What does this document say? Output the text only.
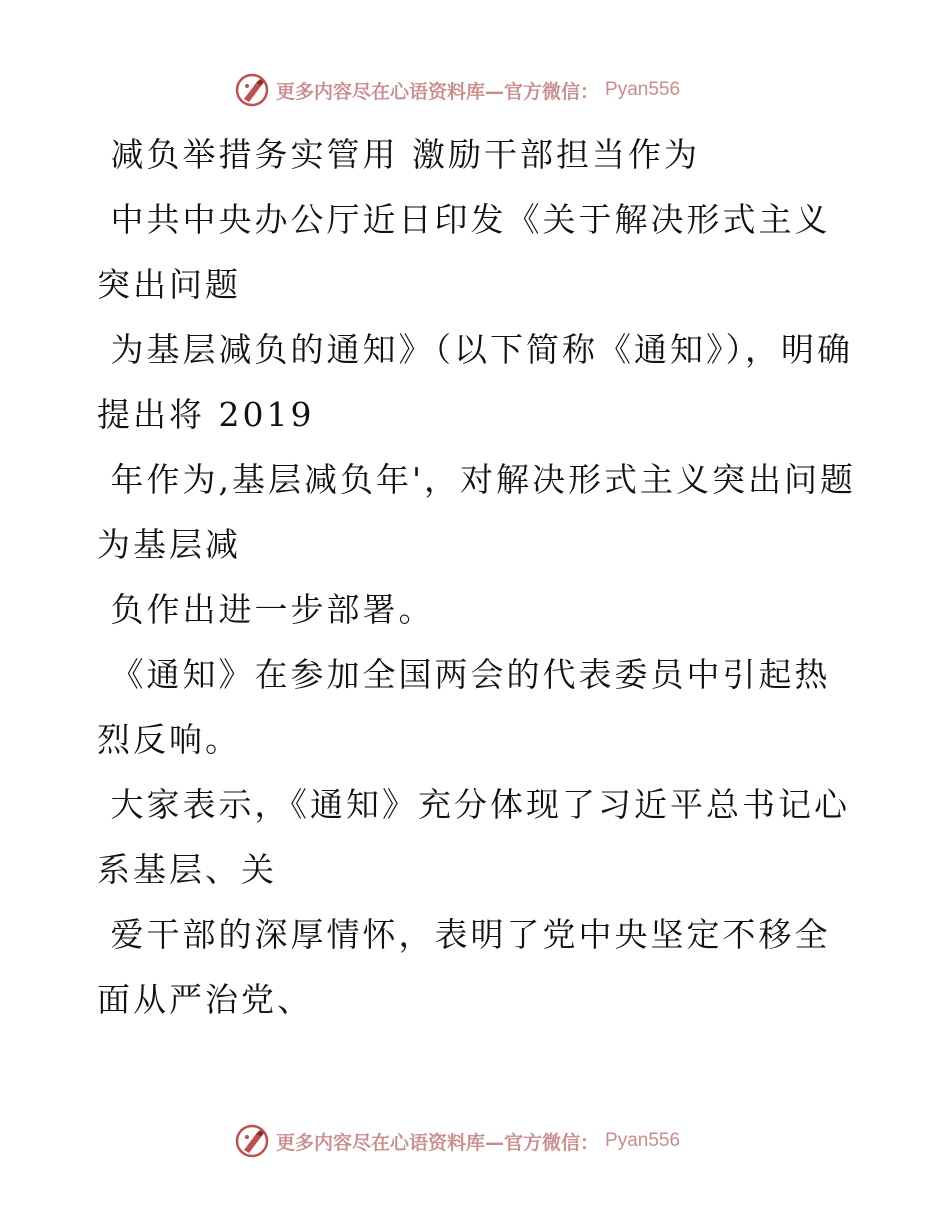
更多内容尽在心语资料库—官方微信： Pyan556

减负举措务实管用 激励干部担当作为

中共中央办公厅近日印发《关于解决形式主义突出问题

为基层减负的通知》（以下简称《通知》），明确提出将 2019

年作为,基层减负年'，对解决形式主义突出问题为基层减

负作出进一步部署。

《通知》在参加全国两会的代表委员中引起热烈反响。

大家表示，《通知》充分体现了习近平总书记心系基层、关

爱干部的深厚情怀，表明了党中央坚定不移全面从严治党、

更多内容尽在心语资料库—官方微信： Pyan556
